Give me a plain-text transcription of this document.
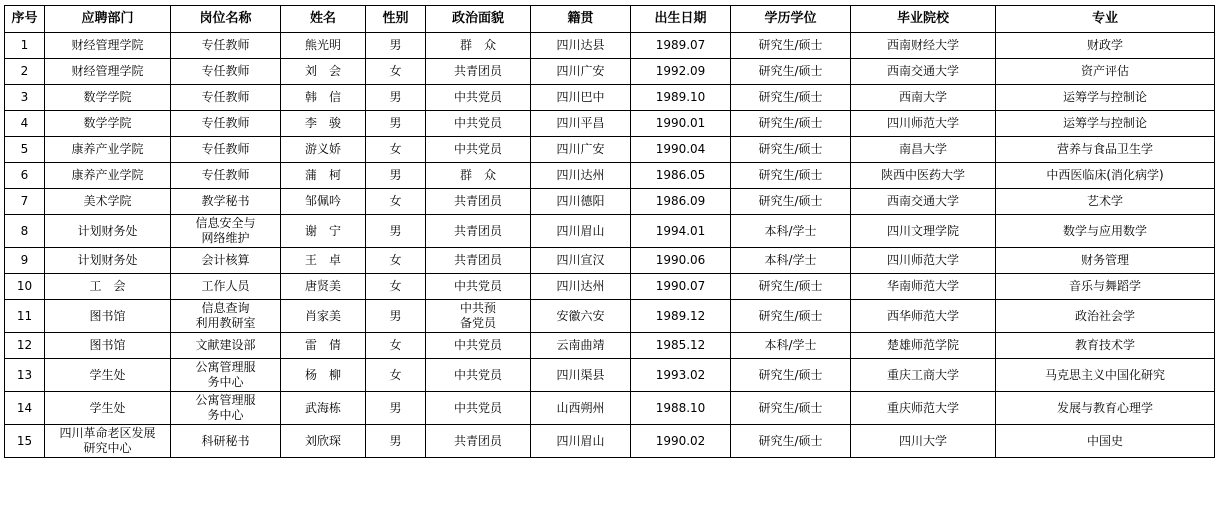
序号	应聘部门	岗位名称	姓名	性别	政治面貌	籍贯	出生日期	学历学位	毕业院校	专业
1	财经管理学院	专任教师	熊光明	男	群　众	四川达县	1989.07	研究生/硕士	西南财经大学	财政学
2	财经管理学院	专任教师	刘　会	女	共青团员	四川广安	1992.09	研究生/硕士	西南交通大学	资产评估
3	数学学院	专任教师	韩　信	男	中共党员	四川巴中	1989.10	研究生/硕士	西南大学	运筹学与控制论
4	数学学院	专任教师	李　骏	男	中共党员	四川平昌	1990.01	研究生/硕士	四川师范大学	运筹学与控制论
5	康养产业学院	专任教师	游义娇	女	中共党员	四川广安	1990.04	研究生/硕士	南昌大学	营养与食品卫生学
6	康养产业学院	专任教师	蒲　柯	男	群　众	四川达州	1986.05	研究生/硕士	陕西中医药大学	中西医临床(消化病学)
7	美术学院	教学秘书	邹佩吟	女	共青团员	四川德阳	1986.09	研究生/硕士	西南交通大学	艺术学
8	计划财务处	信息安全与
网络维护	谢　宁	男	共青团员	四川眉山	1994.01	本科/学士	四川文理学院	数学与应用数学
9	计划财务处	会计核算	王　卓	女	共青团员	四川宣汉	1990.06	本科/学士	四川师范大学	财务管理
10	工　会	工作人员	唐贤美	女	中共党员	四川达州	1990.07	研究生/硕士	华南师范大学	音乐与舞蹈学
11	图书馆	信息查询
利用教研室	肖家美	男	中共预
备党员	安徽六安	1989.12	研究生/硕士	西华师范大学	政治社会学
12	图书馆	文献建设部	雷　倩	女	中共党员	云南曲靖	1985.12	本科/学士	楚雄师范学院	教育技术学
13	学生处	公寓管理服
务中心	杨　柳	女	中共党员	四川渠县	1993.02	研究生/硕士	重庆工商大学	马克思主义中国化研究
14	学生处	公寓管理服
务中心	武海栋	男	中共党员	山西朔州	1988.10	研究生/硕士	重庆师范大学	发展与教育心理学
15	四川革命老区发展
研究中心	科研秘书	刘欣琛	男	共青团员	四川眉山	1990.02	研究生/硕士	四川大学	中国史
